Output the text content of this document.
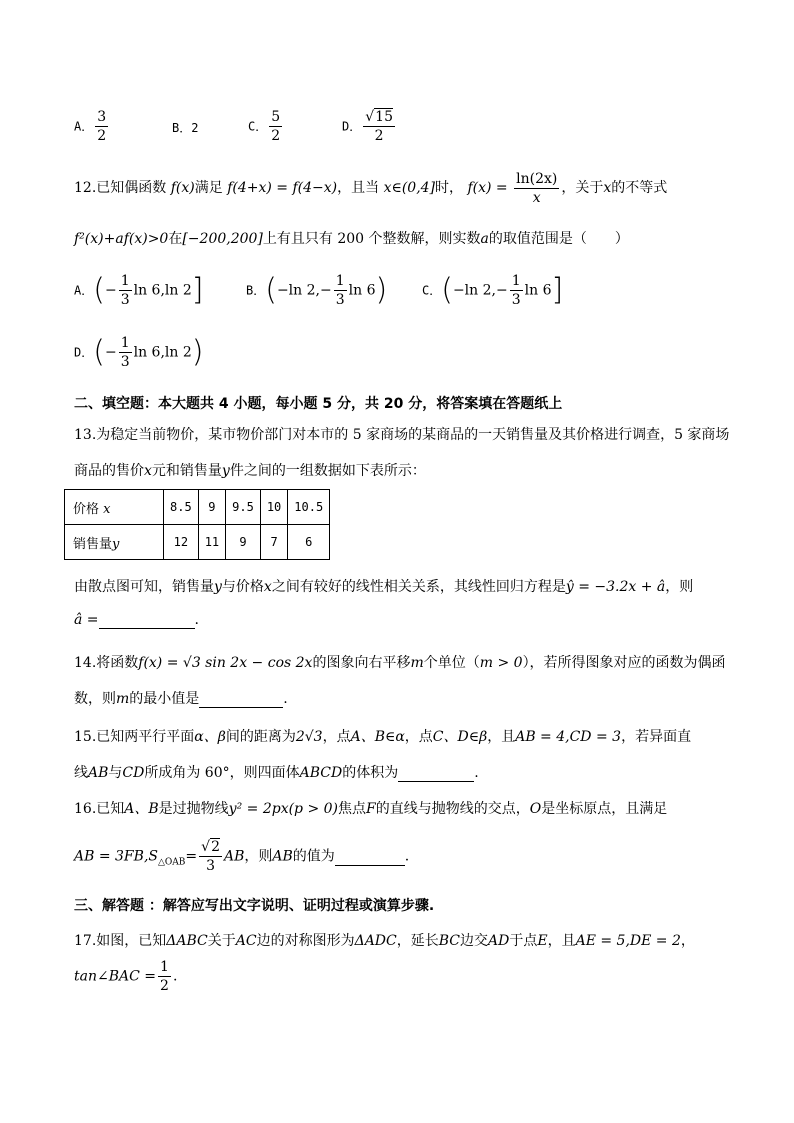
A． $\frac{3}{2}$	B．2	C． $\frac{5}{2}$	D． $\frac{√15}{2}$
12.已知偶函数 f(x)满足 f(4+x) = f(4−x)，且当 x∈(0,4]时， $f(x) = \frac{\ln(2x)}{x}$ ，关于x的不等式
f²(x)+af(x)>0在[−200,200]上有且只有 200 个整数解，则实数a的取值范围是（　　）
A．(− $\frac{1}{3}$ ln 6,ln 2]	B．(−ln $2,- \frac{1}{3}$ ln 6)	C．(−ln $2,- \frac{1}{3}$ ln 6]
D．(− $\frac{1}{3}$ ln 6,ln 2)
二、填空题：本大题共 4 小题，每小题 5 分，共 20 分，将答案填在答题纸上
13.为稳定当前物价，某市物价部门对本市的 5 家商场的某商品的一天销售量及其价格进行调查，5 家商场
商品的售价x元和销售量y件之间的一组数据如下表所示：
价格 x	8.5	9	9.5	10	10.5
销售量y	12	11	9	7	6
由散点图可知，销售量y与价格x之间有较好的线性相关关系，其线性回归方程是ŷ = −3.2x + â，则
â =	.
14.将函数f(x) = √3 sin 2x − cos 2x的图象向右平移m个单位（m > 0），若所得图象对应的函数为偶函
数，则m的最小值是	.
15.已知两平行平面α、β间的距离为2√3，点A、B∈α，点C、D∈β，且AB = 4,CD = 3，若异面直
线AB与CD所成角为 60°，则四面体ABCD的体积为	.
16.已知A、B是过抛物线y² = 2px(p > 0)焦点F的直线与抛物线的交点，O是坐标原点，且满足
AB = $3FB,S_{\triangle OAB}= \frac{√2}{3}$ AB，则AB的值为	.
三、解答题 ：解答应写出文字说明、证明过程或演算步骤.
17.如图，已知ΔABC关于AC边的对称图形为ΔADC，延长BC边交AD于点E，且AE = 5,DE = 2，
tan∠BAC = $\frac{1}{2}$ .
